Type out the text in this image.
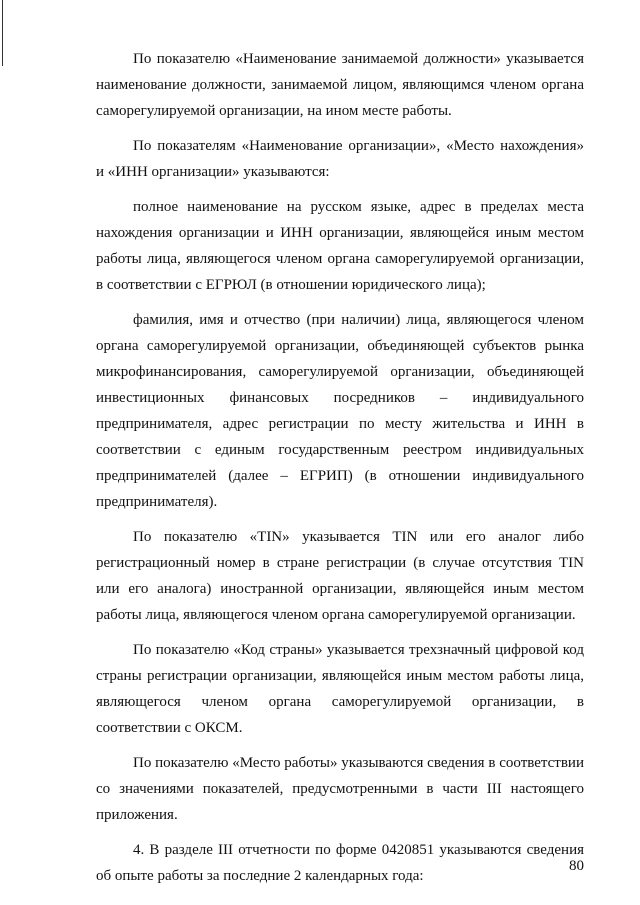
По показателю «Наименование занимаемой должности» указывается наименование должности, занимаемой лицом, являющимся членом органа саморегулируемой организации, на ином месте работы.

По показателям «Наименование организации», «Место нахождения» и «ИНН организации» указываются:

полное наименование на русском языке, адрес в пределах места нахождения организации и ИНН организации, являющейся иным местом работы лица, являющегося членом органа саморегулируемой организации, в соответствии с ЕГРЮЛ (в отношении юридического лица);

фамилия, имя и отчество (при наличии) лица, являющегося членом органа саморегулируемой организации, объединяющей субъектов рынка микрофинансирования, саморегулируемой организации, объединяющей инвестиционных финансовых посредников – индивидуального предпринимателя, адрес регистрации по месту жительства и ИНН в соответствии с единым государственным реестром индивидуальных предпринимателей (далее – ЕГРИП) (в отношении индивидуального предпринимателя).

По показателю «TIN» указывается TIN или его аналог либо регистрационный номер в стране регистрации (в случае отсутствия TIN или его аналога) иностранной организации, являющейся иным местом работы лица, являющегося членом органа саморегулируемой организации.

По показателю «Код страны» указывается трехзначный цифровой код страны регистрации организации, являющейся иным местом работы лица, являющегося членом органа саморегулируемой организации, в соответствии с ОКСМ.

По показателю «Место работы» указываются сведения в соответствии со значениями показателей, предусмотренными в части III настоящего приложения.

4. В разделе III отчетности по форме 0420851 указываются сведения об опыте работы за последние 2 календарных года:

80
